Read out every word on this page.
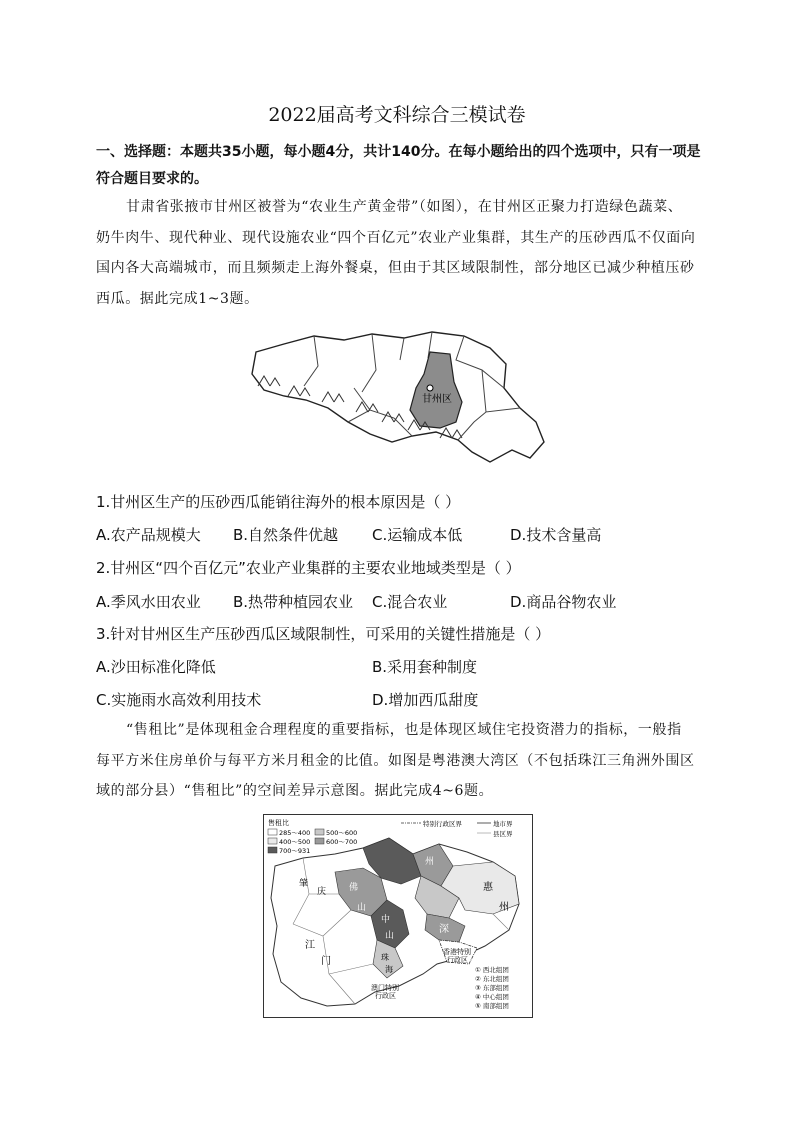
2022届高考文科综合三模试卷
一、选择题：本题共35小题，每小题4分，共计140分。在每小题给出的四个选项中，只有一项是符合题目要求的。
甘肃省张掖市甘州区被誉为“农业生产黄金带”（如图），在甘州区正聚力打造绿色蔬菜、奶牛肉牛、现代种业、现代设施农业“四个百亿元”农业产业集群，其生产的压砂西瓜不仅面向国内各大高端城市，而且频频走上海外餐桌，但由于其区域限制性，部分地区已减少种植压砂西瓜。据此完成1~3题。
甘州区
1.甘州区生产的压砂西瓜能销往海外的根本原因是（ ）
A.农产品规模大 B.自然条件优越 C.运输成本低	D.技术含量高
2.甘州区“四个百亿元”农业产业集群的主要农业地域类型是（ ）
A.季风水田农业 B.热带种植园农业 C.混合农业	D.商品谷物农业
3.针对甘州区生产压砂西瓜区域限制性，可采用的关键性措施是（ ）
A.沙田标准化降低	B.采用套种制度
C.实施雨水高效利用技术	D.增加西瓜甜度
“售租比”是体现租金合理程度的重要指标，也是体现区域住宅投资潜力的指标，一般指每平方米住房单价与每平方米月租金的比值。如图是粤港澳大湾区（不包括珠江三角洲外围区域的部分县）“售租比”的空间差异示意图。据此完成4~6题。
售租比
285～400
400～500
500～600
600～700
700～931
特别行政区界	地市界
县区界
肇
庆	佛
山
中
山
江
门	珠
海
深
惠
州
州
香港特别
行政区
澳门特别
行政区
① 西北组团
② 东北组团
③ 东部组团
④ 中心组团
⑤ 南部组团
